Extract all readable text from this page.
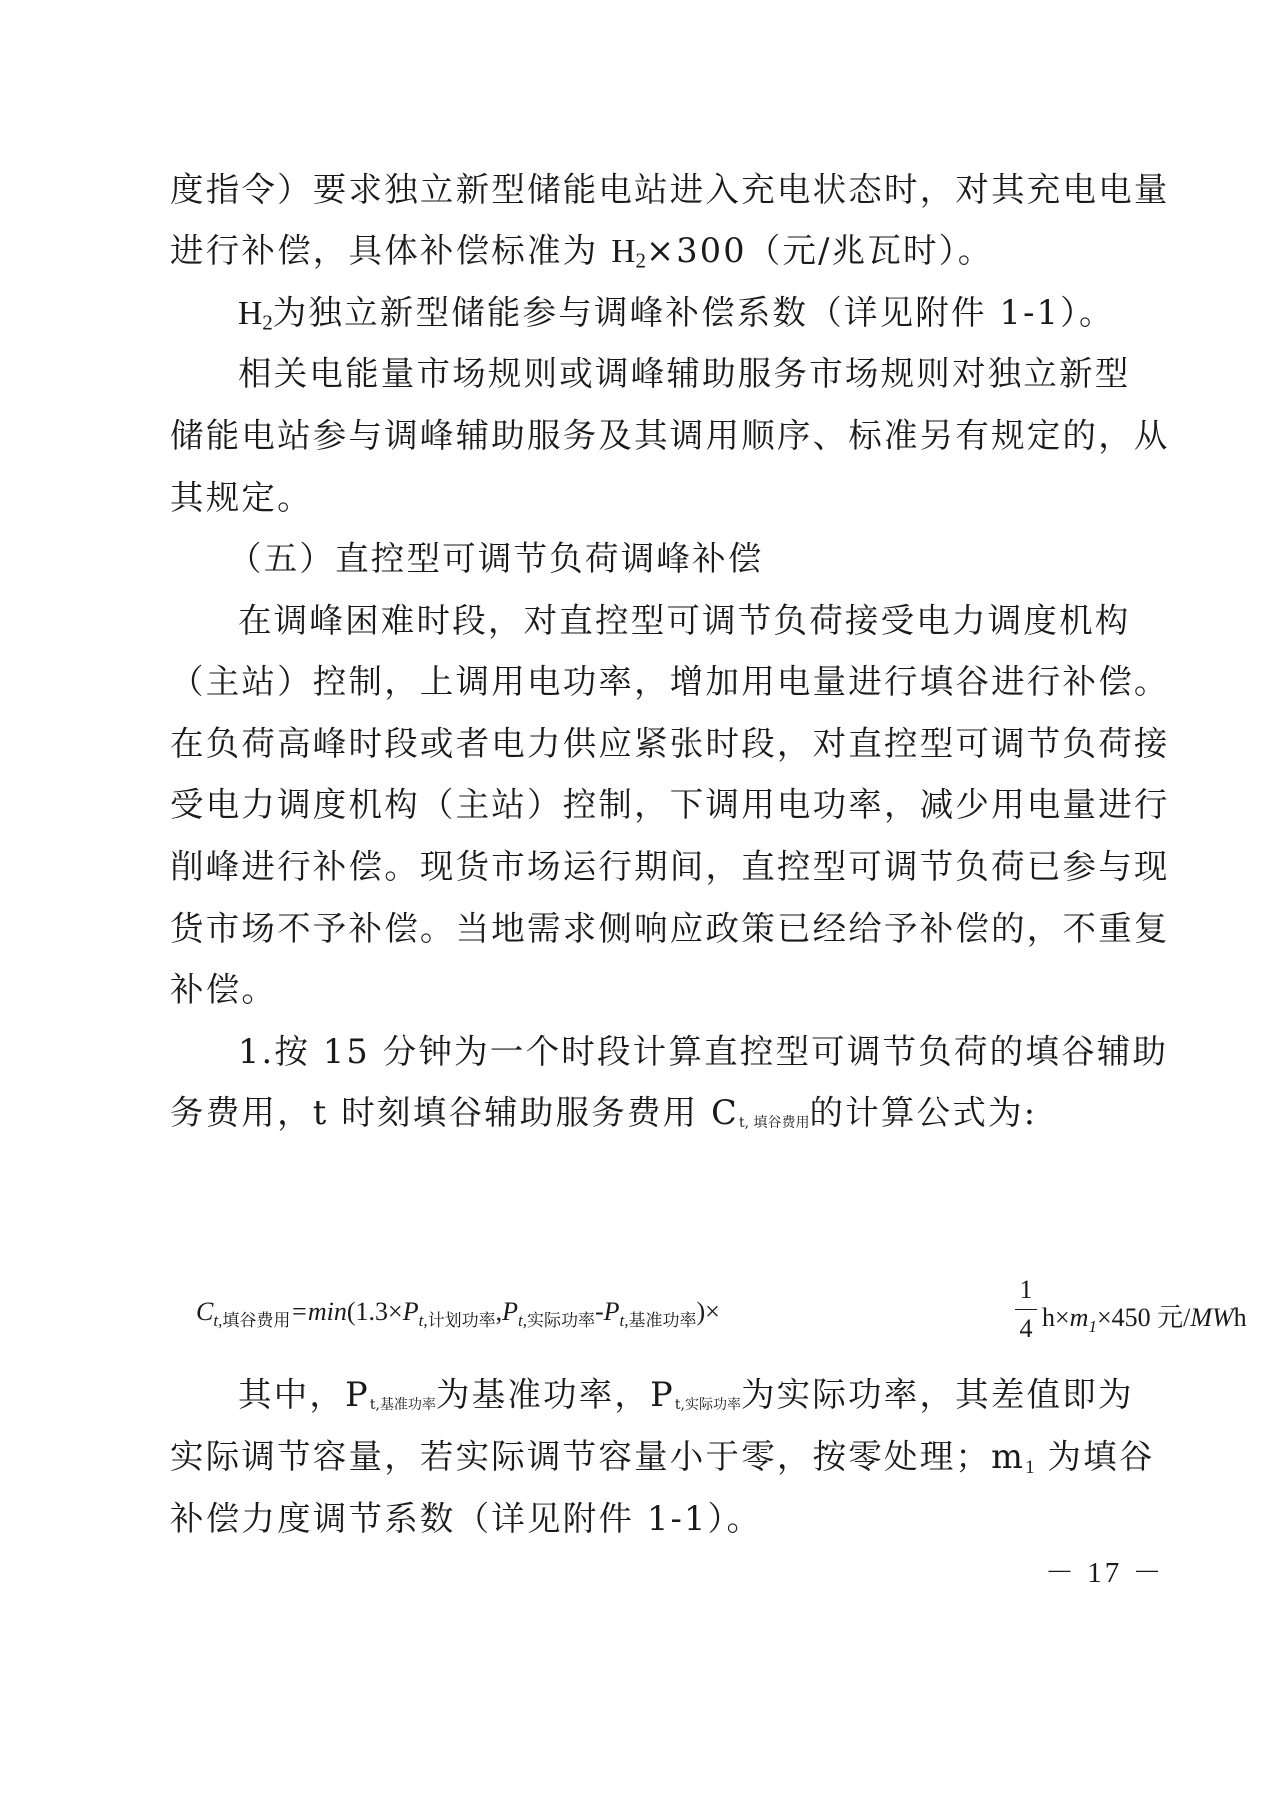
度指令）要求独立新型储能电站进入充电状态时，对其充电电量
进行补偿，具体补偿标准为 $H_2\times 300$（元/兆瓦时）。
$H_2$为独立新型储能参与调峰补偿系数（详见附件 1-1）。
相关电能量市场规则或调峰辅助服务市场规则对独立新型
储能电站参与调峰辅助服务及其调用顺序、标准另有规定的，从
其规定。
（五）直控型可调节负荷调峰补偿
在调峰困难时段，对直控型可调节负荷接受电力调度机构
（主站）控制，上调用电功率，增加用电量进行填谷进行补偿。
在负荷高峰时段或者电力供应紧张时段，对直控型可调节负荷接
受电力调度机构（主站）控制，下调用电功率，减少用电量进行
削峰进行补偿。现货市场运行期间，直控型可调节负荷已参与现
货市场不予补偿。当地需求侧响应政策已经给予补偿的，不重复
补偿。
1.按 15 分钟为一个时段计算直控型可调节负荷的填谷辅助
务费用，t 时刻填谷辅助服务费用 Ct, 填谷费用的计算公式为:
$C_{t,填谷费用}=\min(1.3\times P_{t,计划功率},P_{t,实际功率}-P_{t,基准功率})\times$
1
4 $h\times m_1\times 450$ 元/MWh
其中，Pt,基准功率为基准功率，Pt,实际功率为实际功率，其差值即为
实际调节容量，若实际调节容量小于零，按零处理；$m_1$ 为填谷
补偿力度调节系数（详见附件 1-1）。
－ 17 －
